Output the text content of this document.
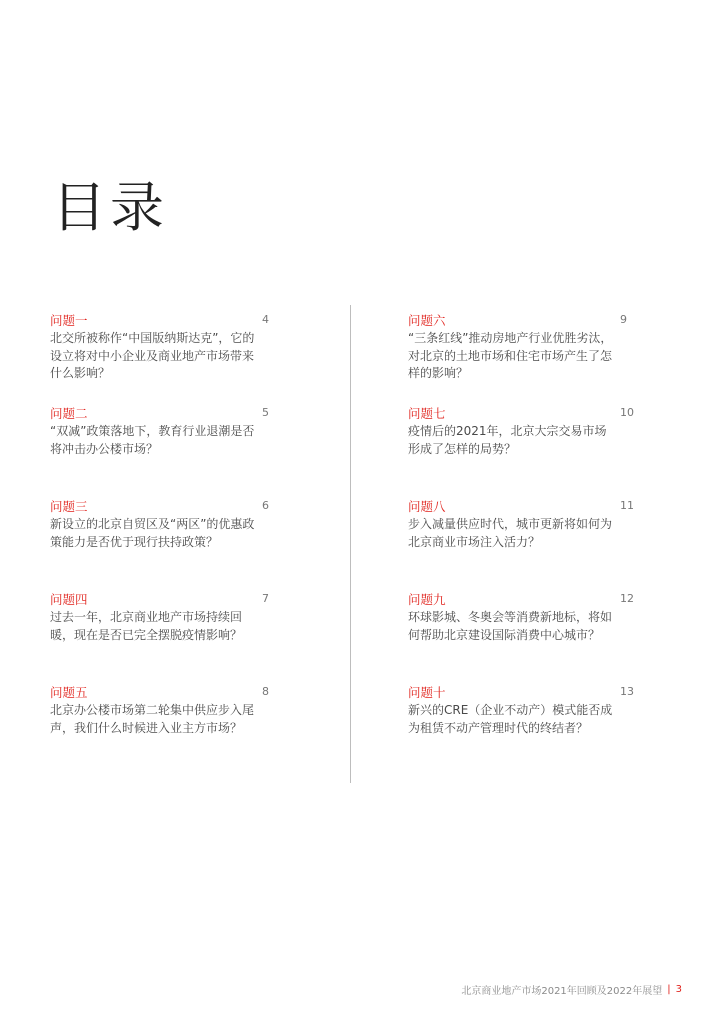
目录
问题一
北交所被称作“中国版纳斯达克”，它的设立将对中小企业及商业地产市场带来什么影响？
4
问题二
“双减”政策落地下，教育行业退潮是否将冲击办公楼市场？
5
问题三
新设立的北京自贸区及“两区”的优惠政策能力是否优于现行扶持政策？
6
问题四
过去一年，北京商业地产市场持续回暖，现在是否已完全摆脱疫情影响？
7
问题五
北京办公楼市场第二轮集中供应步入尾声，我们什么时候进入业主方市场？
8
问题六
“三条红线”推动房地产行业优胜劣汰，对北京的土地市场和住宅市场产生了怎样的影响？
9
问题七
疫情后的2021年，北京大宗交易市场形成了怎样的局势？
10
问题八
步入减量供应时代，城市更新将如何为北京商业市场注入活力？
11
问题九
环球影城、冬奥会等消费新地标，将如何帮助北京建设国际消费中心城市？
12
问题十
新兴的CRE（企业不动产）模式能否成为租赁不动产管理时代的终结者？
13
北京商业地产市场2021年回顾及2022年展望 | 3
